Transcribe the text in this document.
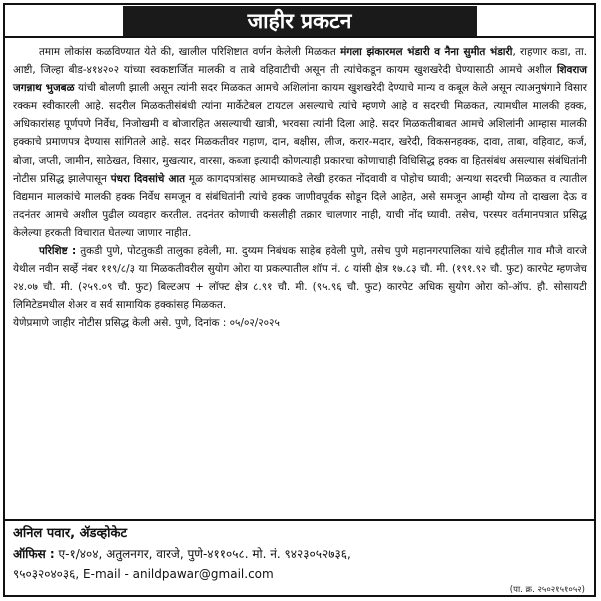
जाहीर प्रकटन

तमाम लोकांस कळविण्यात येते की, खालील परिशिष्टात वर्णन केलेली मिळकत मंगला झंकारमल भंडारी व नैना सुमीत भंडारी, राहणार कडा, ता. आष्टी, जिल्हा बीड-४१४२०२ यांच्या स्वकष्टार्जित मालकी व ताबे वहिवाटीची असून ती त्यांचेकडून कायम खुशखरेदी घेण्यासाठी आमचे अशील शिवराज जगन्नाथ भुजबळ यांची बोलणी झाली असून त्यांनी सदर मिळकत आमचे अशिलांना कायम खुशखरेदी देण्याचे मान्य व कबूल केले असून त्याअनुषंगाने विसार रक्कम स्वीकारली आहे. सदरील मिळकतीसंबंधी त्यांना मार्केटेबल टायटल असल्याचे त्यांचे म्हणणे आहे व सदरची मिळकत, त्यामधील मालकी हक्क, अधिकारांसह पूर्णपणे निर्वेध, निजोखमी व बोजारहित असल्याची खात्री, भरवसा त्यांनी दिला आहे. सदर मिळकतीबाबत आमचे अशिलांनी आम्हास मालकी हक्काचे प्रमाणपत्र देण्यास सांगितले आहे. सदर मिळकतीवर गहाण, दान, बक्षीस, लीज, करार-मदार, खरेदी, विकसनहक्क, दावा, ताबा, वहिवाट, कर्ज, बोजा, जप्ती, जामीन, साठेखत, विसार, मुखत्यार, वारसा, कब्जा इत्यादी कोणत्याही प्रकारचा कोणाचाही विधिसिद्ध हक्क वा हितसंबंध असल्यास संबंधितांनी नोटीस प्रसिद्ध झालेपासून पंधरा दिवसांचे आत मूळ कागदपत्रांसह आमच्याकडे लेखी हरकत नोंदवावी व पोहोच घ्यावी; अन्यथा सदरची मिळकत व त्यातील विद्यमान मालकांचे मालकी हक्क निर्वेध समजून व संबंधितांनी त्यांचे हक्क जाणीवपूर्वक सोडून दिले आहेत, असे समजून आम्ही योग्य तो दाखला देऊ व तदनंतर आमचे अशील पुढील व्यवहार करतील. तदनंतर कोणाची कसलीही तक्रार चालणार नाही, याची नोंद घ्यावी. तसेच, परस्पर वर्तमानपत्रात प्रसिद्ध केलेल्या हरकती विचारात घेतल्या जाणार नाहीत.

परिशिष्ट : तुकडी पुणे, पोटतुकडी तालुका हवेली, मा. दुय्यम निबंधक साहेब हवेली पुणे, तसेच पुणे महानगरपालिका यांचे हद्दीतील गाव मौजे वारजे येथील नवीन सर्व्हे नंबर ११९/८/३ या मिळकतीवरील सुयोग ओरा या प्रकल्पातील शॉप नं. ८ यांसी क्षेत्र १७.८३ चौ. मी. (१९१.९२ चौ. फुट) कारपेट म्हणजेच २४.०७ चौ. मी. (२५९.०९ चौ. फुट) बिल्टअप + लॉफ्ट क्षेत्र ८.९१ चौ. मी. (९५.९६ चौ. फुट) कारपेट अधिक सुयोग ओरा को-ऑप. हौ. सोसायटी लिमिटेडमधील शेअर व सर्व सामायिक हक्कांसह मिळकत.

येणेप्रमाणे जाहीर नोटीस प्रसिद्ध केली असे. पुणे, दिनांक : ०५/०२/२०२५

अनिल पवार, ॲडव्होकेट
ऑफिस : ए-१/४०४, अतुलनगर, वारजे, पुणे-४११०५८. मो. नं. ९४२३०५२७३६,
९५०३२०४०३६, E-mail - anildpawar@gmail.com
(पा. क्र. २५०२१५१०५२)
